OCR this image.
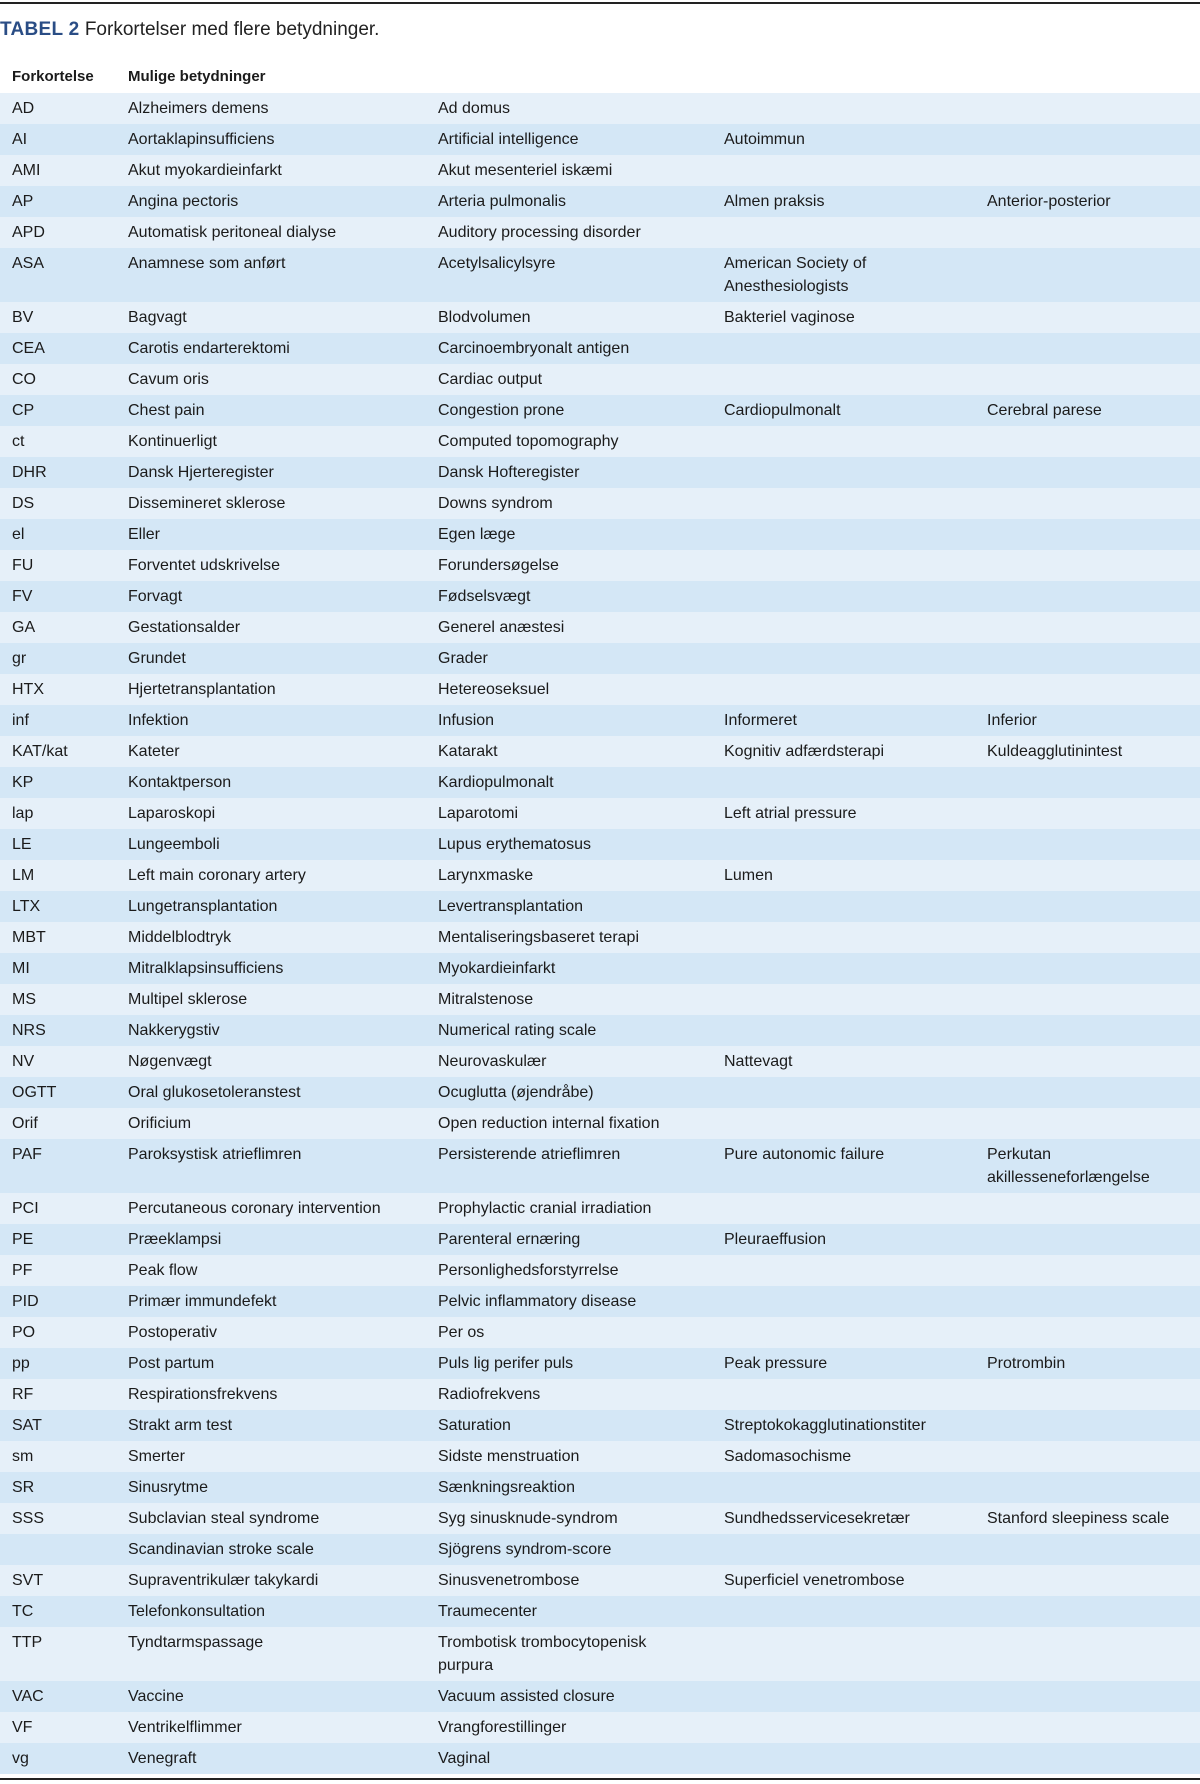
TABEL 2 Forkortelser med flere betydninger.
Forkortelse	Mulige betydninger			
AD	Alzheimers demens	Ad domus		
AI	Aortaklapinsufficiens	Artificial intelligence	Autoimmun	
AMI	Akut myokardieinfarkt	Akut mesenteriel iskæmi		
AP	Angina pectoris	Arteria pulmonalis	Almen praksis	Anterior-posterior
APD	Automatisk peritoneal dialyse	Auditory processing disorder		
ASA	Anamnese som anført	Acetylsalicylsyre	American Society of Anesthesiologists	
BV	Bagvagt	Blodvolumen	Bakteriel vaginose	
CEA	Carotis endarterektomi	Carcinoembryonalt antigen		
CO	Cavum oris	Cardiac output		
CP	Chest pain	Congestion prone	Cardiopulmonalt	Cerebral parese
ct	Kontinuerligt	Computed topomography		
DHR	Dansk Hjerteregister	Dansk Hofteregister		
DS	Dissemineret sklerose	Downs syndrom		
el	Eller	Egen læge		
FU	Forventet udskrivelse	Forundersøgelse		
FV	Forvagt	Fødselsvægt		
GA	Gestationsalder	Generel anæstesi		
gr	Grundet	Grader		
HTX	Hjertetransplantation	Hetereoseksuel		
inf	Infektion	Infusion	Informeret	Inferior
KAT/kat	Kateter	Katarakt	Kognitiv adfærdsterapi	Kuldeagglutinintest
KP	Kontaktperson	Kardiopulmonalt		
lap	Laparoskopi	Laparotomi	Left atrial pressure	
LE	Lungeemboli	Lupus erythematosus		
LM	Left main coronary artery	Larynxmaske	Lumen	
LTX	Lungetransplantation	Levertransplantation		
MBT	Middelblodtryk	Mentaliseringsbaseret terapi		
MI	Mitralklapsinsufficiens	Myokardieinfarkt		
MS	Multipel sklerose	Mitralstenose		
NRS	Nakkerygstiv	Numerical rating scale		
NV	Nøgenvægt	Neurovaskulær	Nattevagt	
OGTT	Oral glukosetoleranstest	Ocuglutta (øjendråbe)		
Orif	Orificium	Open reduction internal fixation		
PAF	Paroksystisk atrieflimren	Persisterende atrieflimren	Pure autonomic failure	Perkutan akillesseneforlængelse
PCI	Percutaneous coronary intervention	Prophylactic cranial irradiation		
PE	Præeklampsi	Parenteral ernæring	Pleuraeffusion	
PF	Peak flow	Personlighedsforstyrrelse		
PID	Primær immundefekt	Pelvic inflammatory disease		
PO	Postoperativ	Per os		
pp	Post partum	Puls lig perifer puls	Peak pressure	Protrombin
RF	Respirationsfrekvens	Radiofrekvens		
SAT	Strakt arm test	Saturation	Streptokokagglutinationstiter	
sm	Smerter	Sidste menstruation	Sadomasochisme	
SR	Sinusrytme	Sænkningsreaktion		
SSS	Subclavian steal syndrome	Syg sinusknude-syndrom	Sundhedsservicesekretær	Stanford sleepiness scale
	Scandinavian stroke scale	Sjögrens syndrom-score		
SVT	Supraventrikulær takykardi	Sinusvenetrombose	Superficiel venetrombose	
TC	Telefonkonsultation	Traumecenter		
TTP	Tyndtarmspassage	Trombotisk trombocytopenisk purpura		
VAC	Vaccine	Vacuum assisted closure		
VF	Ventrikelflimmer	Vrangforestillinger		
vg	Venegraft	Vaginal		
